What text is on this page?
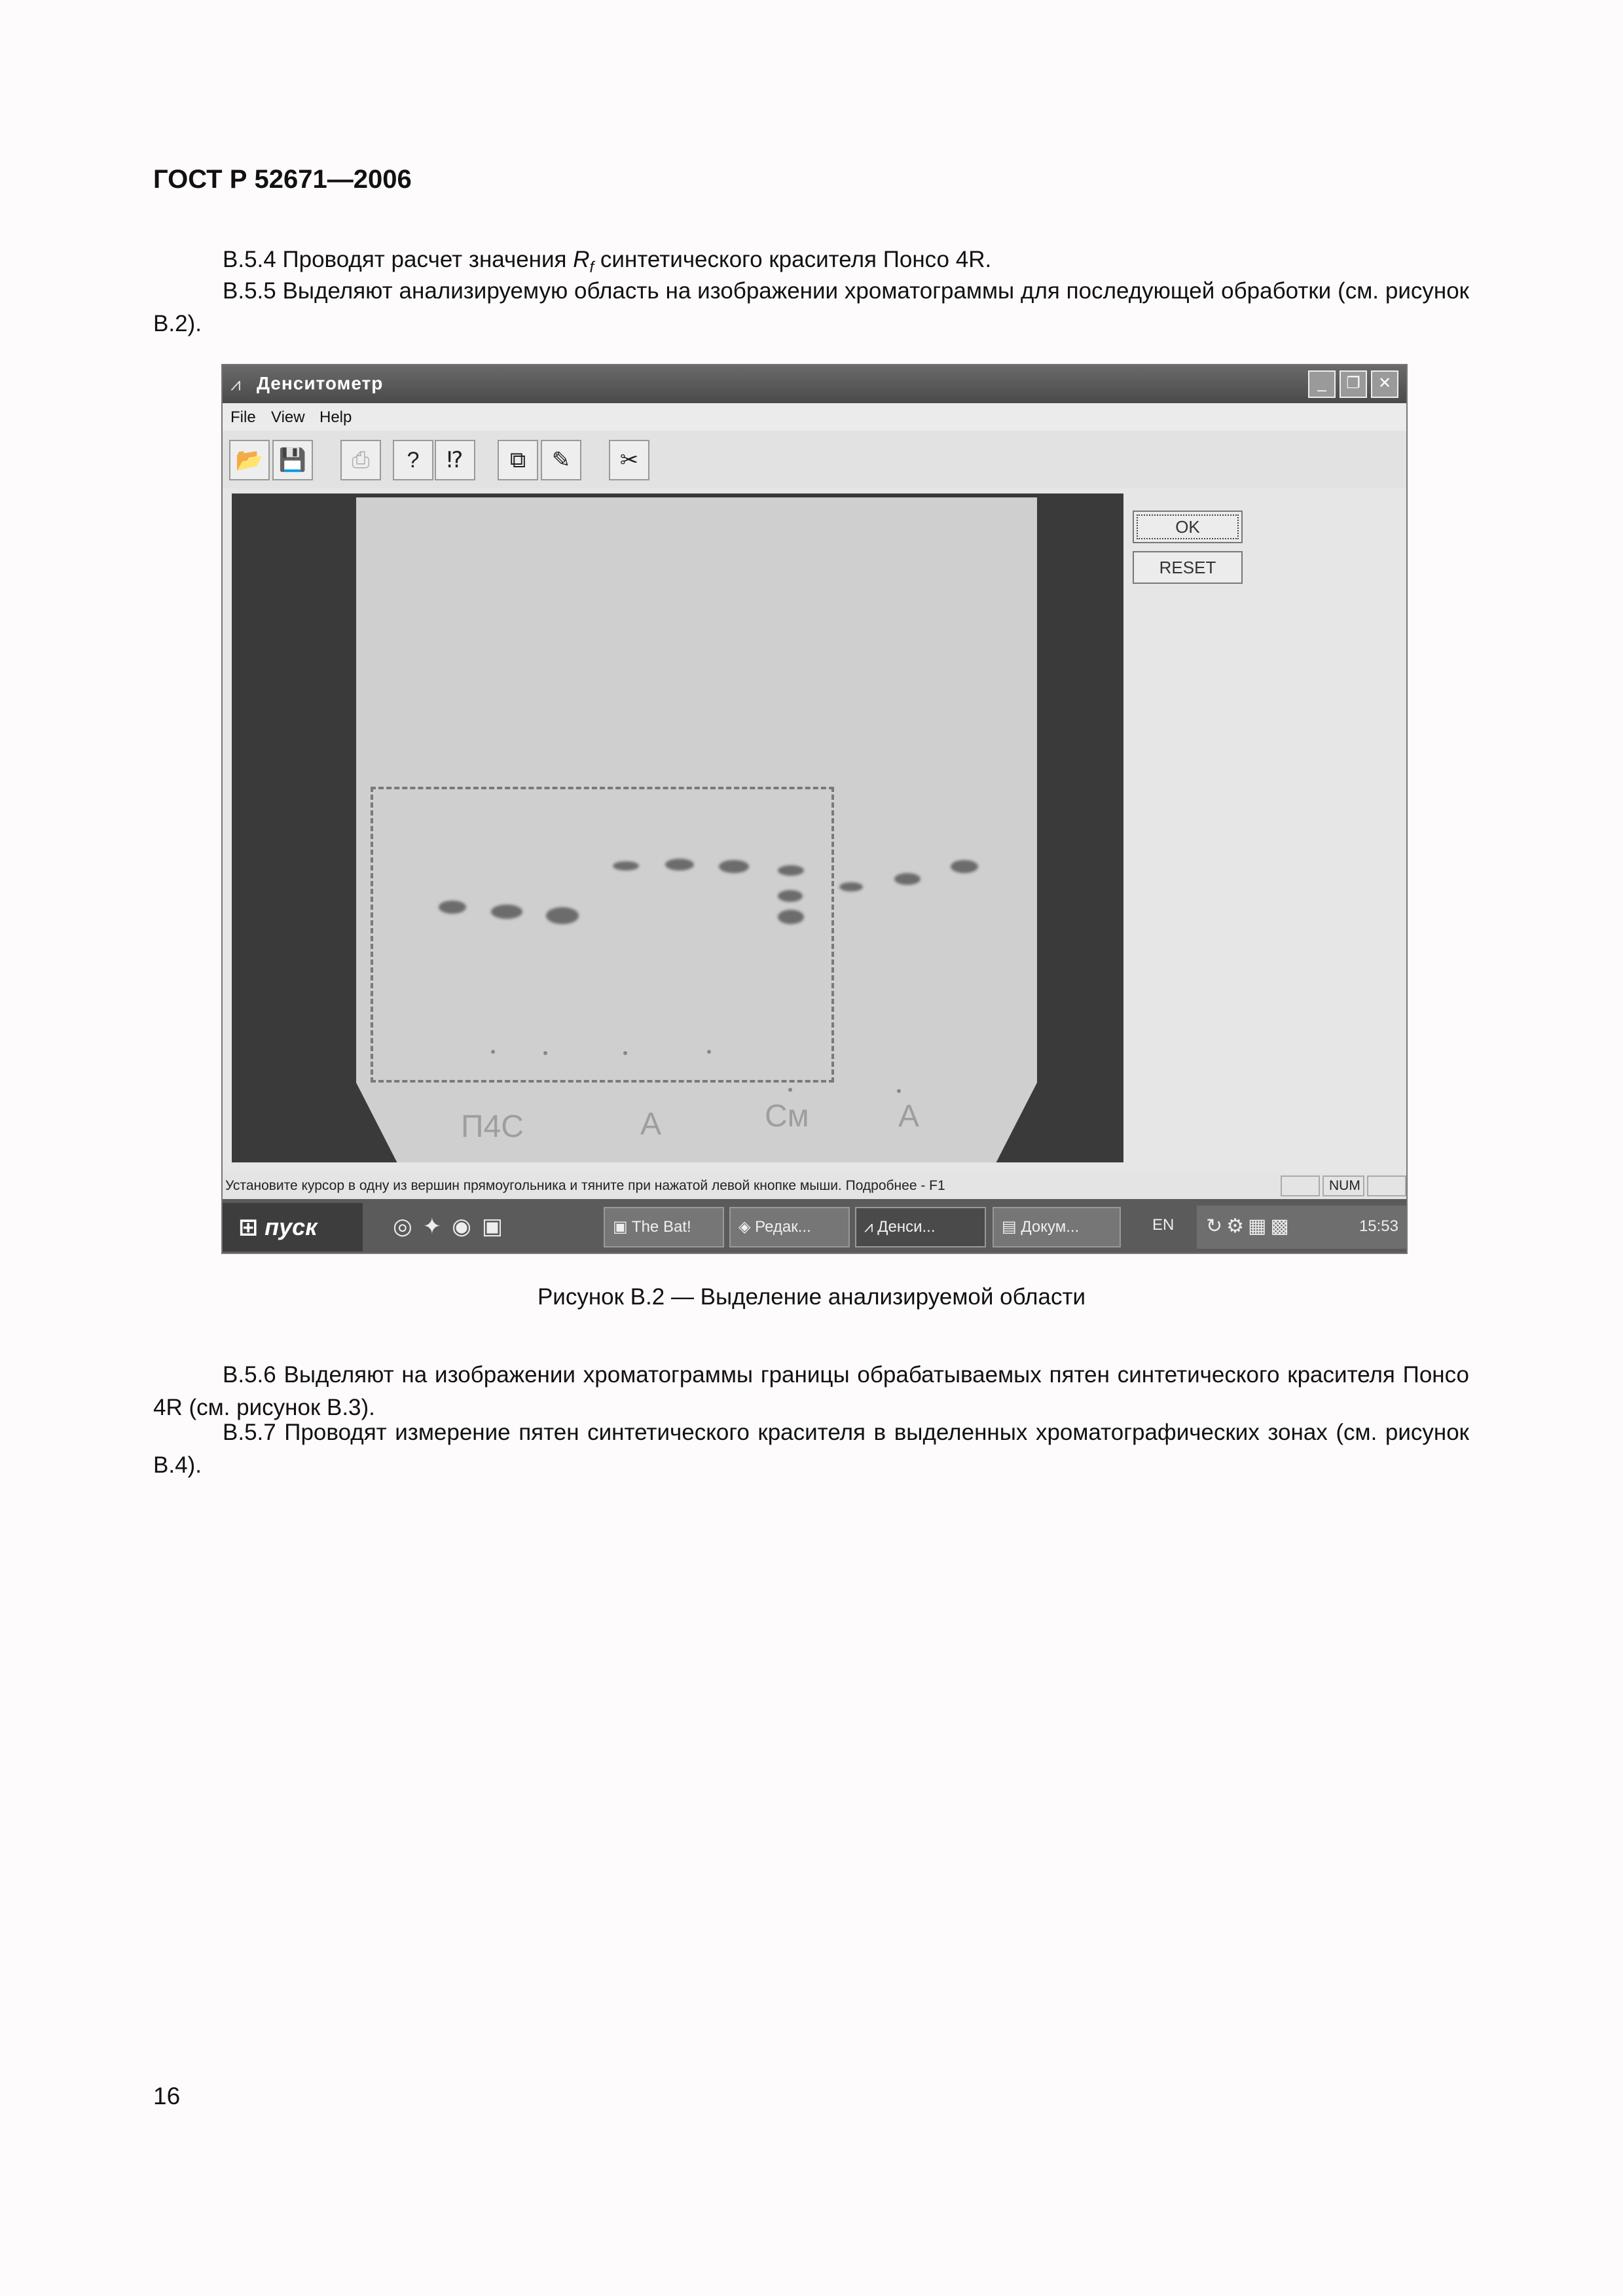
ГОСТ Р 52671—2006
В.5.4 Проводят расчет значения $R_f$ синтетического красителя Понсо 4R.
В.5.5 Выделяют анализируемую область на изображении хроматограммы для последующей обработки (см. рисунок В.2).
⩘ Денситометр	_	❐	✕
File View Help
📂 💾	⎙	?	⁉	⧉	✎	✂
П4С	А	См	А
OK
RESET
Установите курсор в одну из вершин прямоугольника и тяните при нажатой левой кнопке мыши. Подробнее - F1	NUM
⊞ пуск	◎✦◉▣	▣ The Bat!	◈ Редак...	⩘ Денси...	▤ Докум...	EN ↻⚙▦▩	15:53
Рисунок В.2 — Выделение анализируемой области
В.5.6 Выделяют на изображении хроматограммы границы обрабатываемых пятен синтетического красителя Понсо 4R (см. рисунок В.3).
В.5.7 Проводят измерение пятен синтетического красителя в выделенных хроматографических зонах (см. рисунок В.4).
16
